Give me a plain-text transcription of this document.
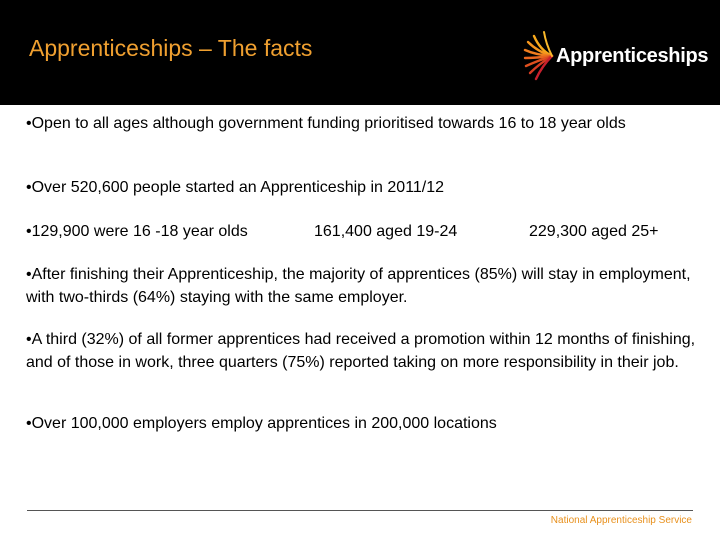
Apprenticeships – The facts	Apprenticeships

•Open to all ages although government funding prioritised towards 16 to 18 year olds

•Over 520,600 people started an Apprenticeship in 2011/12

•129,900 were 16 -18 year olds	161,400 aged 19-24	229,300 aged 25+

•After finishing their Apprenticeship, the majority of apprentices (85%) will stay in employment, with two-thirds (64%) staying with the same employer.

•A third (32%) of all former apprentices had received a promotion within 12 months of finishing, and of those in work, three quarters (75%) reported taking on more responsibility in their job.

•Over 100,000 employers employ apprentices in 200,000 locations

National Apprenticeship Service
